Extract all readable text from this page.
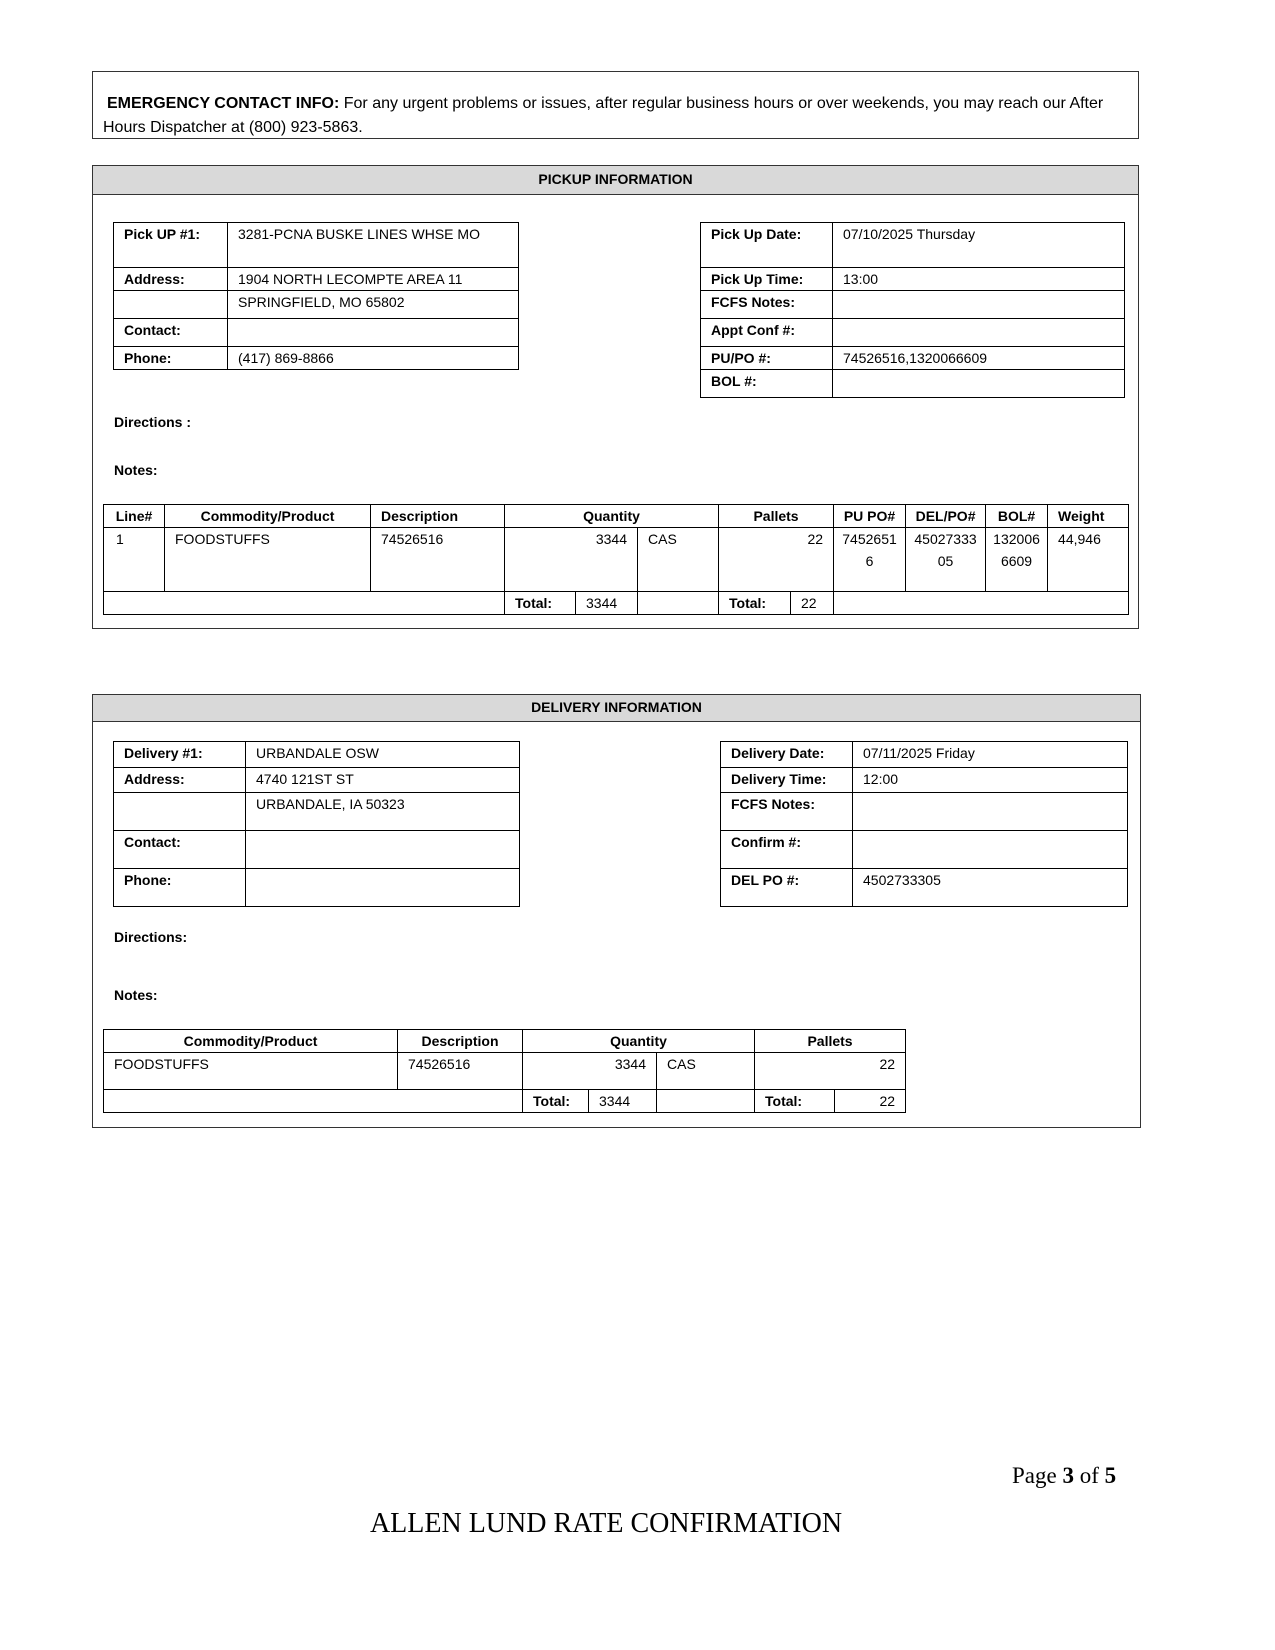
EMERGENCY CONTACT INFO: For any urgent problems or issues, after regular business hours or over weekends, you may reach our After Hours Dispatcher at (800) 923-5863.
PICKUP INFORMATION
Pick UP #1:	3281-PCNA BUSKE LINES WHSE MO
Address:	1904 NORTH LECOMPTE AREA 11
	SPRINGFIELD, MO 65802
Contact:	
Phone:	(417) 869-8866
Pick Up Date:	07/10/2025 Thursday
Pick Up Time:	13:00
FCFS Notes:	
Appt Conf #:	
PU/PO #:	74526516,1320066609
BOL #:	
Directions :
Notes:
Line#	Commodity/Product	Description	Quantity			Pallets		PU PO#	DEL/PO#	BOL#	Weight
1	FOODSTUFFS	74526516	3344		CAS	22		74526516	4502733305	1320066609	44,946
			Total:	3344		Total:	22				
DELIVERY INFORMATION
Delivery #1:	URBANDALE OSW
Address:	4740 121ST ST
	URBANDALE, IA 50323
Contact:	
Phone:	
Delivery Date:	07/11/2025 Friday
Delivery Time:	12:00
FCFS Notes:	
Confirm #:	
DEL PO #:	4502733305
Directions:
Notes:
Commodity/Product	Description	Quantity			Pallets	
FOODSTUFFS	74526516	3344		CAS	22	
		Total:	3344		Total:	22
Page 3 of 5
ALLEN LUND RATE CONFIRMATION
